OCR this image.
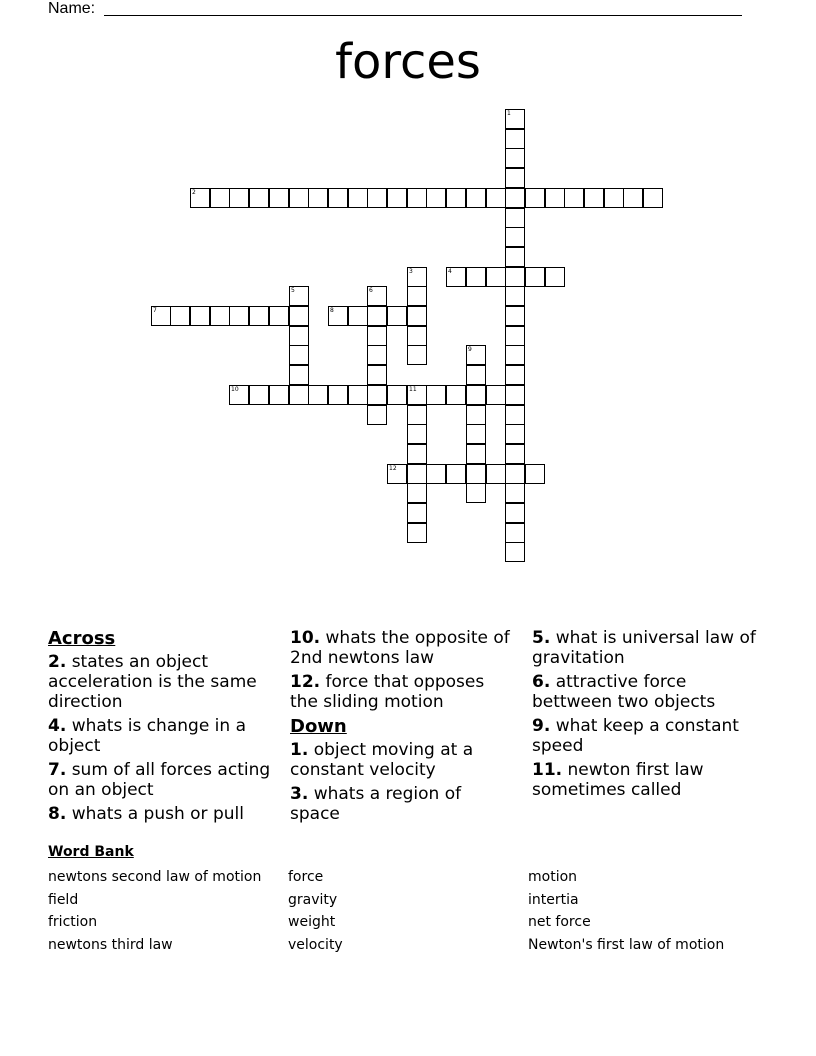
Name:
forces
1
2
3	4
5	6
7	8
9
10	11
12
Across
2. states an object acceleration is the same direction
4. whats is change in a object
7. sum of all forces acting on an object
8. whats a push or pull
10. whats the opposite of 2nd newtons law
12. force that opposes the sliding motion
Down
1. object moving at a constant velocity
3. whats a region of space
5. what is universal law of gravitation
6. attractive force bettween two objects
9. what keep a constant speed
11. newton first law sometimes called
Word Bank
newtons second law of motion
field
friction
newtons third law
force
gravity
weight
velocity
motion
intertia
net force
Newton's first law of motion
